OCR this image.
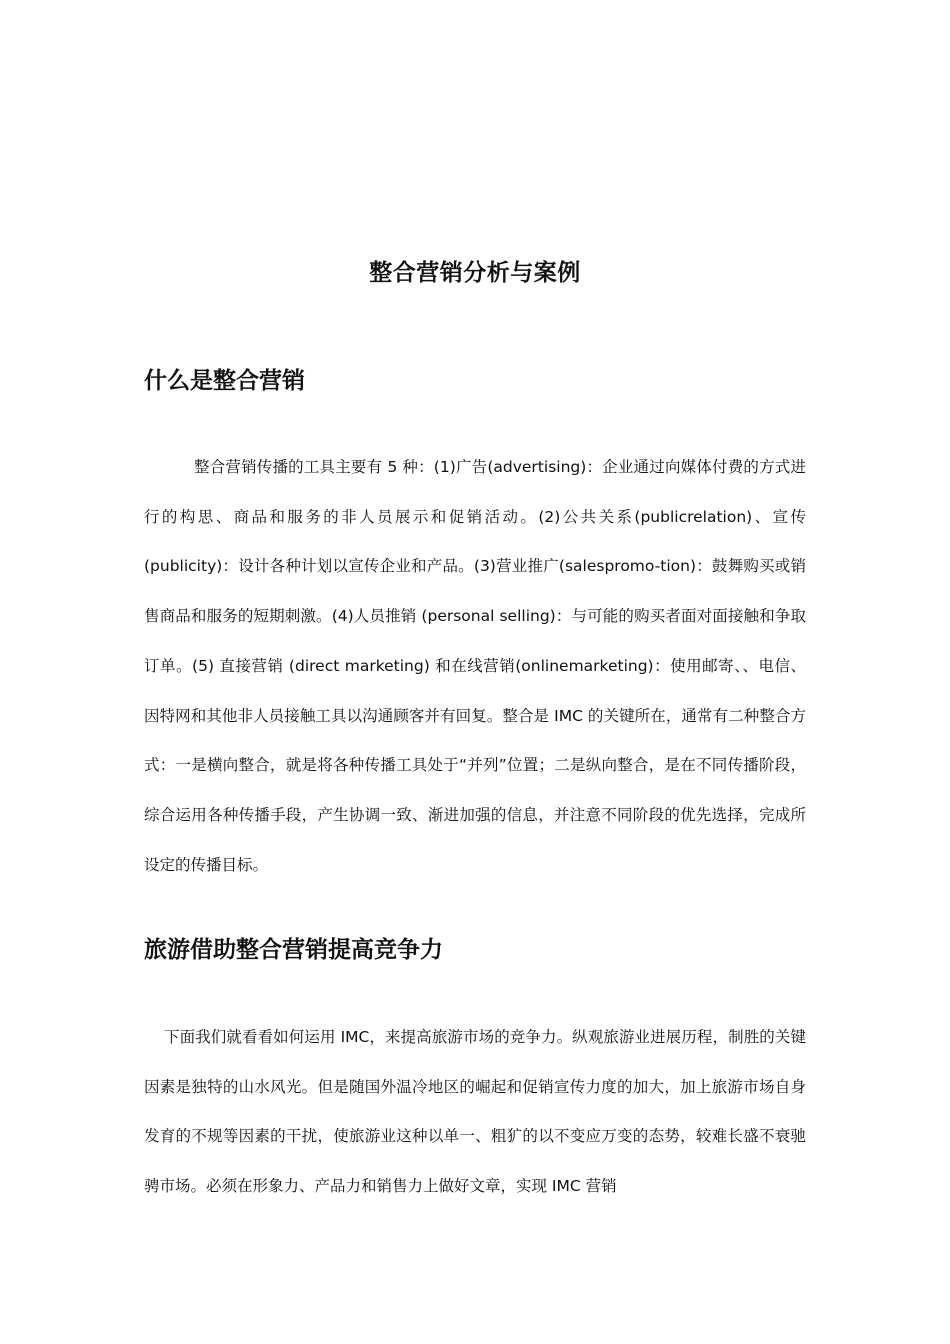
整合营销分析与案例
什么是整合营销

整合营销传播的工具主要有 5 种：(1)广告(advertising)：企业通过向媒体付费的方式进行的构思、商品和服务的非人员展示和促销活动。(2)公共关系(publicrelation)、宣传(publicity)：设计各种计划以宣传企业和产品。(3)营业推广(salespromo-tion)：鼓舞购买或销售商品和服务的短期刺激。(4)人员推销 (personal selling)：与可能的购买者面对面接触和争取订单。(5) 直接营销 (direct marketing) 和在线营销(onlinemarketing)：使用邮寄、、电信、因特网和其他非人员接触工具以沟通顾客并有回复。整合是 IMC 的关键所在，通常有二种整合方式：一是横向整合，就是将各种传播工具处于“并列”位置；二是纵向整合，是在不同传播阶段，综合运用各种传播手段，产生协调一致、渐进加强的信息，并注意不同阶段的优先选择，完成所设定的传播目标。

旅游借助整合营销提高竞争力

下面我们就看看如何运用 IMC，来提高旅游市场的竞争力。纵观旅游业进展历程，制胜的关键因素是独特的山水风光。但是随国外温冷地区的崛起和促销宣传力度的加大，加上旅游市场自身发育的不规等因素的干扰，使旅游业这种以单一、粗犷的以不变应万变的态势，较难长盛不衰驰骋市场。必须在形象力、产品力和销售力上做好文章，实现 IMC 营销
